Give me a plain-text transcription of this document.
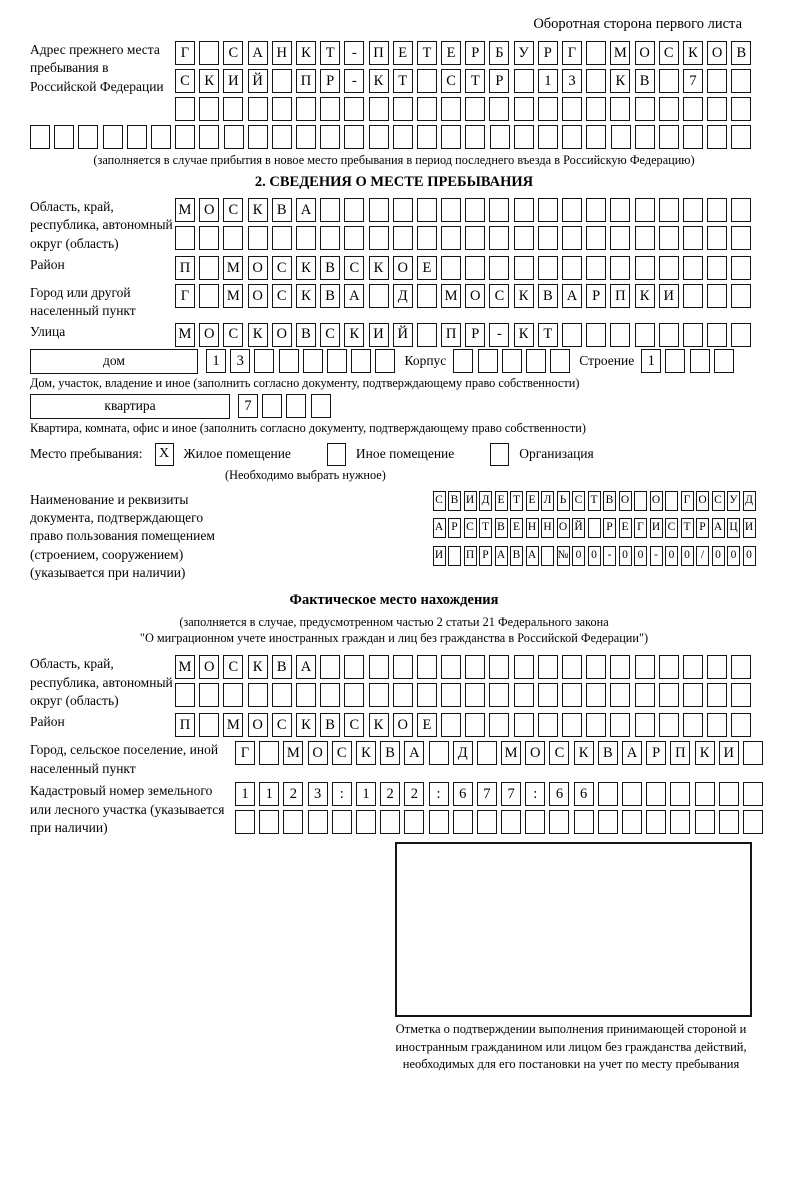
Оборотная сторона первого листа
Адрес прежнего места пребывания в Российской Федерации
Г	С А Н К	Т	-	П	Е	Т	Е	Р	Б	У	Р	Г	М О С	К О В
С	К И Й	П	Р	-	К	Т	С	Т	Р	1	3	К	В	7
(заполняется в случае прибытия в новое место пребывания в период последнего въезда в Российскую Федерацию)
2. СВЕДЕНИЯ О МЕСТЕ ПРЕБЫВАНИЯ
Область, край, республика, автономный округ (область)
М О С	К	В А
Район	П	М О С	К	В	С	К О	Е
Город или другой населенный пункт
Г	М О С	К	В А	Д	М О С	К	В А	Р	П К И
Улица	М О С	К О В	С	К И Й	П	Р	-	К	Т
дом	1	3	Корпус	Строение 1
Дом, участок, владение и иное (заполнить согласно документу, подтверждающему право собственности)
квартира	7
Квартира, комната, офис и иное (заполнить согласно документу, подтверждающему право собственности)
Место пребывания:	X	Жилое помещение	Иное помещение	Организация
(Необходимо выбрать нужное)
Наименование и реквизиты документа, подтверждающего право пользования помещением (строением, сооружением) (указывается при наличии)
С В И Д Е Т Е Л Ь С Т В О О Г О С У Д
А Р С Т В Е Н Н О Й Р Е Г И С Т Р А Ц И
И П Р А В А № 0 0 - 0 0 - 0 0 / 0 0 0
Фактическое место нахождения
(заполняется в случае, предусмотренном частью 2 статьи 21 Федерального закона
"О миграционном учете иностранных граждан и лиц без гражданства в Российской Федерации")
Область, край, республика, автономный округ (область)
М О С	К	В А
Район	П	М О С	К	В	С	К О	Е
Город, сельское поселение, иной населенный пункт
Г	М О С	К	В А	Д	М О С	К	В А	Р	П К И
Кадастровый номер земельного или лесного участка (указывается при наличии)
1	1	2	3	:	1	2	2	:	6	7	7	:	6	6
Отметка о подтверждении выполнения принимающей стороной и иностранным гражданином или лицом без гражданства действий, необходимых для его постановки на учет по месту пребывания
